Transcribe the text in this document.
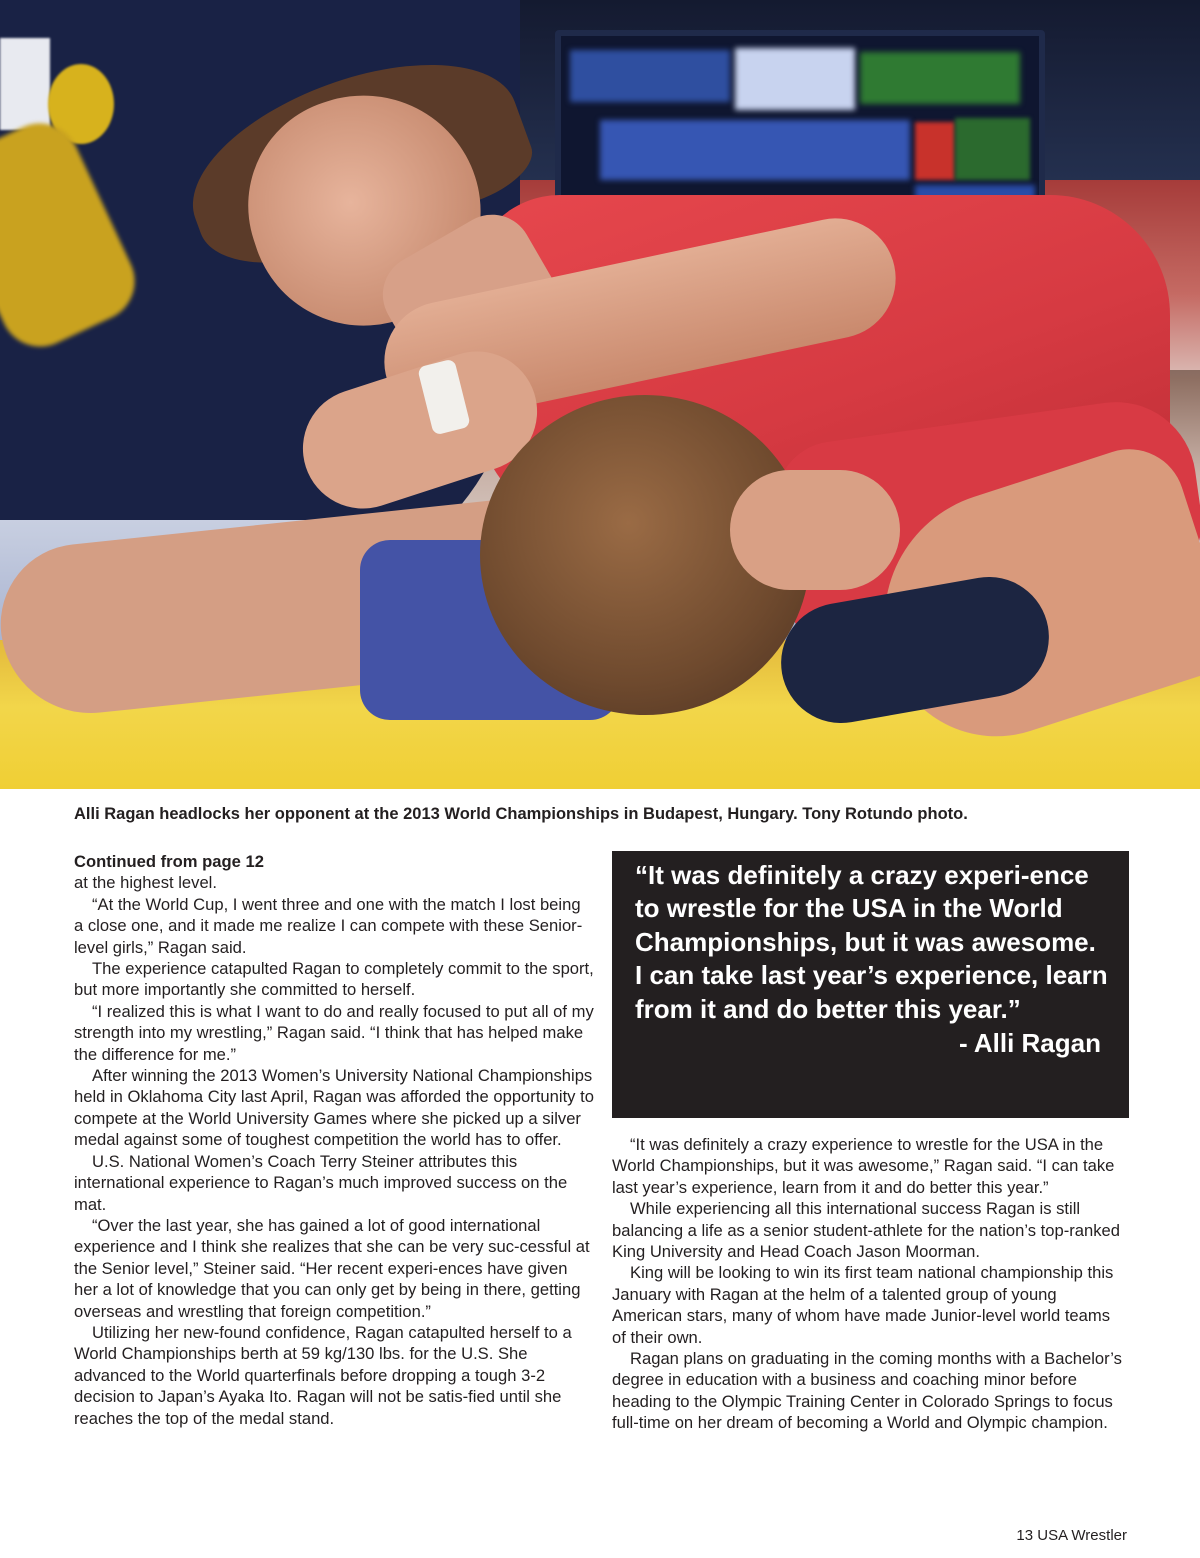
Alli Ragan headlocks her opponent at the 2013 World Championships in Budapest, Hungary. Tony Rotundo photo.
Continued from page 12

at the highest level.

“At the World Cup, I went three and one with the match I lost being a close one, and it made me realize I can compete with these Senior-level girls,” Ragan said.

The experience catapulted Ragan to completely commit to the sport, but more importantly she committed to herself.

“I realized this is what I want to do and really focused to put all of my strength into my wrestling,” Ragan said. “I think that has helped make the difference for me.”

After winning the 2013 Women’s University National Championships held in Oklahoma City last April, Ragan was afforded the opportunity to compete at the World University Games where she picked up a silver medal against some of toughest competition the world has to offer.

U.S. National Women’s Coach Terry Steiner attributes this international experience to Ragan’s much improved success on the mat.

“Over the last year, she has gained a lot of good international experience and I think she realizes that she can be very suc-cessful at the Senior level,” Steiner said. “Her recent experi-ences have given her a lot of knowledge that you can only get by being in there, getting overseas and wrestling that foreign competition.”

Utilizing her new-found confidence, Ragan catapulted herself to a World Championships berth at 59 kg/130 lbs. for the U.S. She advanced to the World quarterfinals before dropping a tough 3-2 decision to Japan’s Ayaka Ito. Ragan will not be satis-fied until she reaches the top of the medal stand.

“It was definitely a crazy experi-ence to wrestle for the USA in the World Championships, but it was awesome. I can take last year’s experience, learn from it and do better this year.”
- Alli Ragan

“It was definitely a crazy experience to wrestle for the USA in the World Championships, but it was awesome,” Ragan said. “I can take last year’s experience, learn from it and do better this year.”

While experiencing all this international success Ragan is still balancing a life as a senior student-athlete for the nation’s top-ranked King University and Head Coach Jason Moorman.

King will be looking to win its first team national championship this January with Ragan at the helm of a talented group of young American stars, many of whom have made Junior-level world teams of their own.

Ragan plans on graduating in the coming months with a Bachelor’s degree in education with a business and coaching minor before heading to the Olympic Training Center in Colorado Springs to focus full-time on her dream of becoming a World and Olympic champion.

13 USA Wrestler
